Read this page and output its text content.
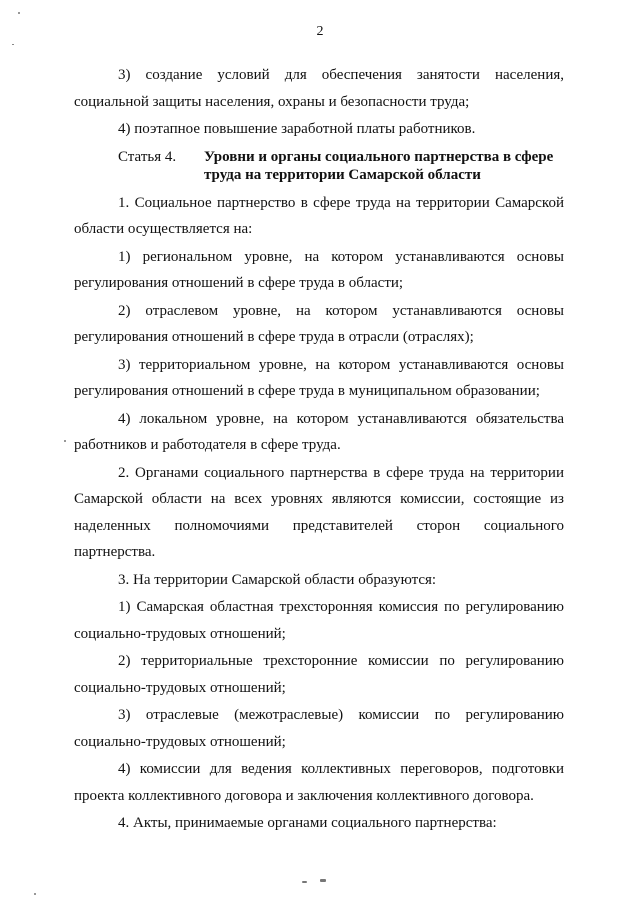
2

3) создание условий для обеспечения занятости населения, социальной защиты населения, охраны и безопасности труда;

4) поэтапное повышение заработной платы работников.

Статья 4.	Уровни и органы социального партнерства в сфере труда на территории Самарской области

1. Социальное партнерство в сфере труда на территории Самарской области осуществляется на:

1) региональном уровне, на котором устанавливаются основы регулирования отношений в сфере труда в области;

2) отраслевом уровне, на котором устанавливаются основы регулирования отношений в сфере труда в отрасли (отраслях);

3) территориальном уровне, на котором устанавливаются основы регулирования отношений в сфере труда в муниципальном образовании;

4) локальном уровне, на котором устанавливаются обязательства работников и работодателя в сфере труда.

2. Органами социального партнерства в сфере труда на территории Самарской области на всех уровнях являются комиссии, состоящие из наделенных полномочиями представителей сторон социального партнерства.

3. На территории Самарской области образуются:

1) Самарская областная трехсторонняя комиссия по регулированию социально-трудовых отношений;

2) территориальные трехсторонние комиссии по регулированию социально-трудовых отношений;

3) отраслевые (межотраслевые) комиссии по регулированию социально-трудовых отношений;

4) комиссии для ведения коллективных переговоров, подготовки проекта коллективного договора и заключения коллективного договора.

4. Акты, принимаемые органами социального партнерства:
